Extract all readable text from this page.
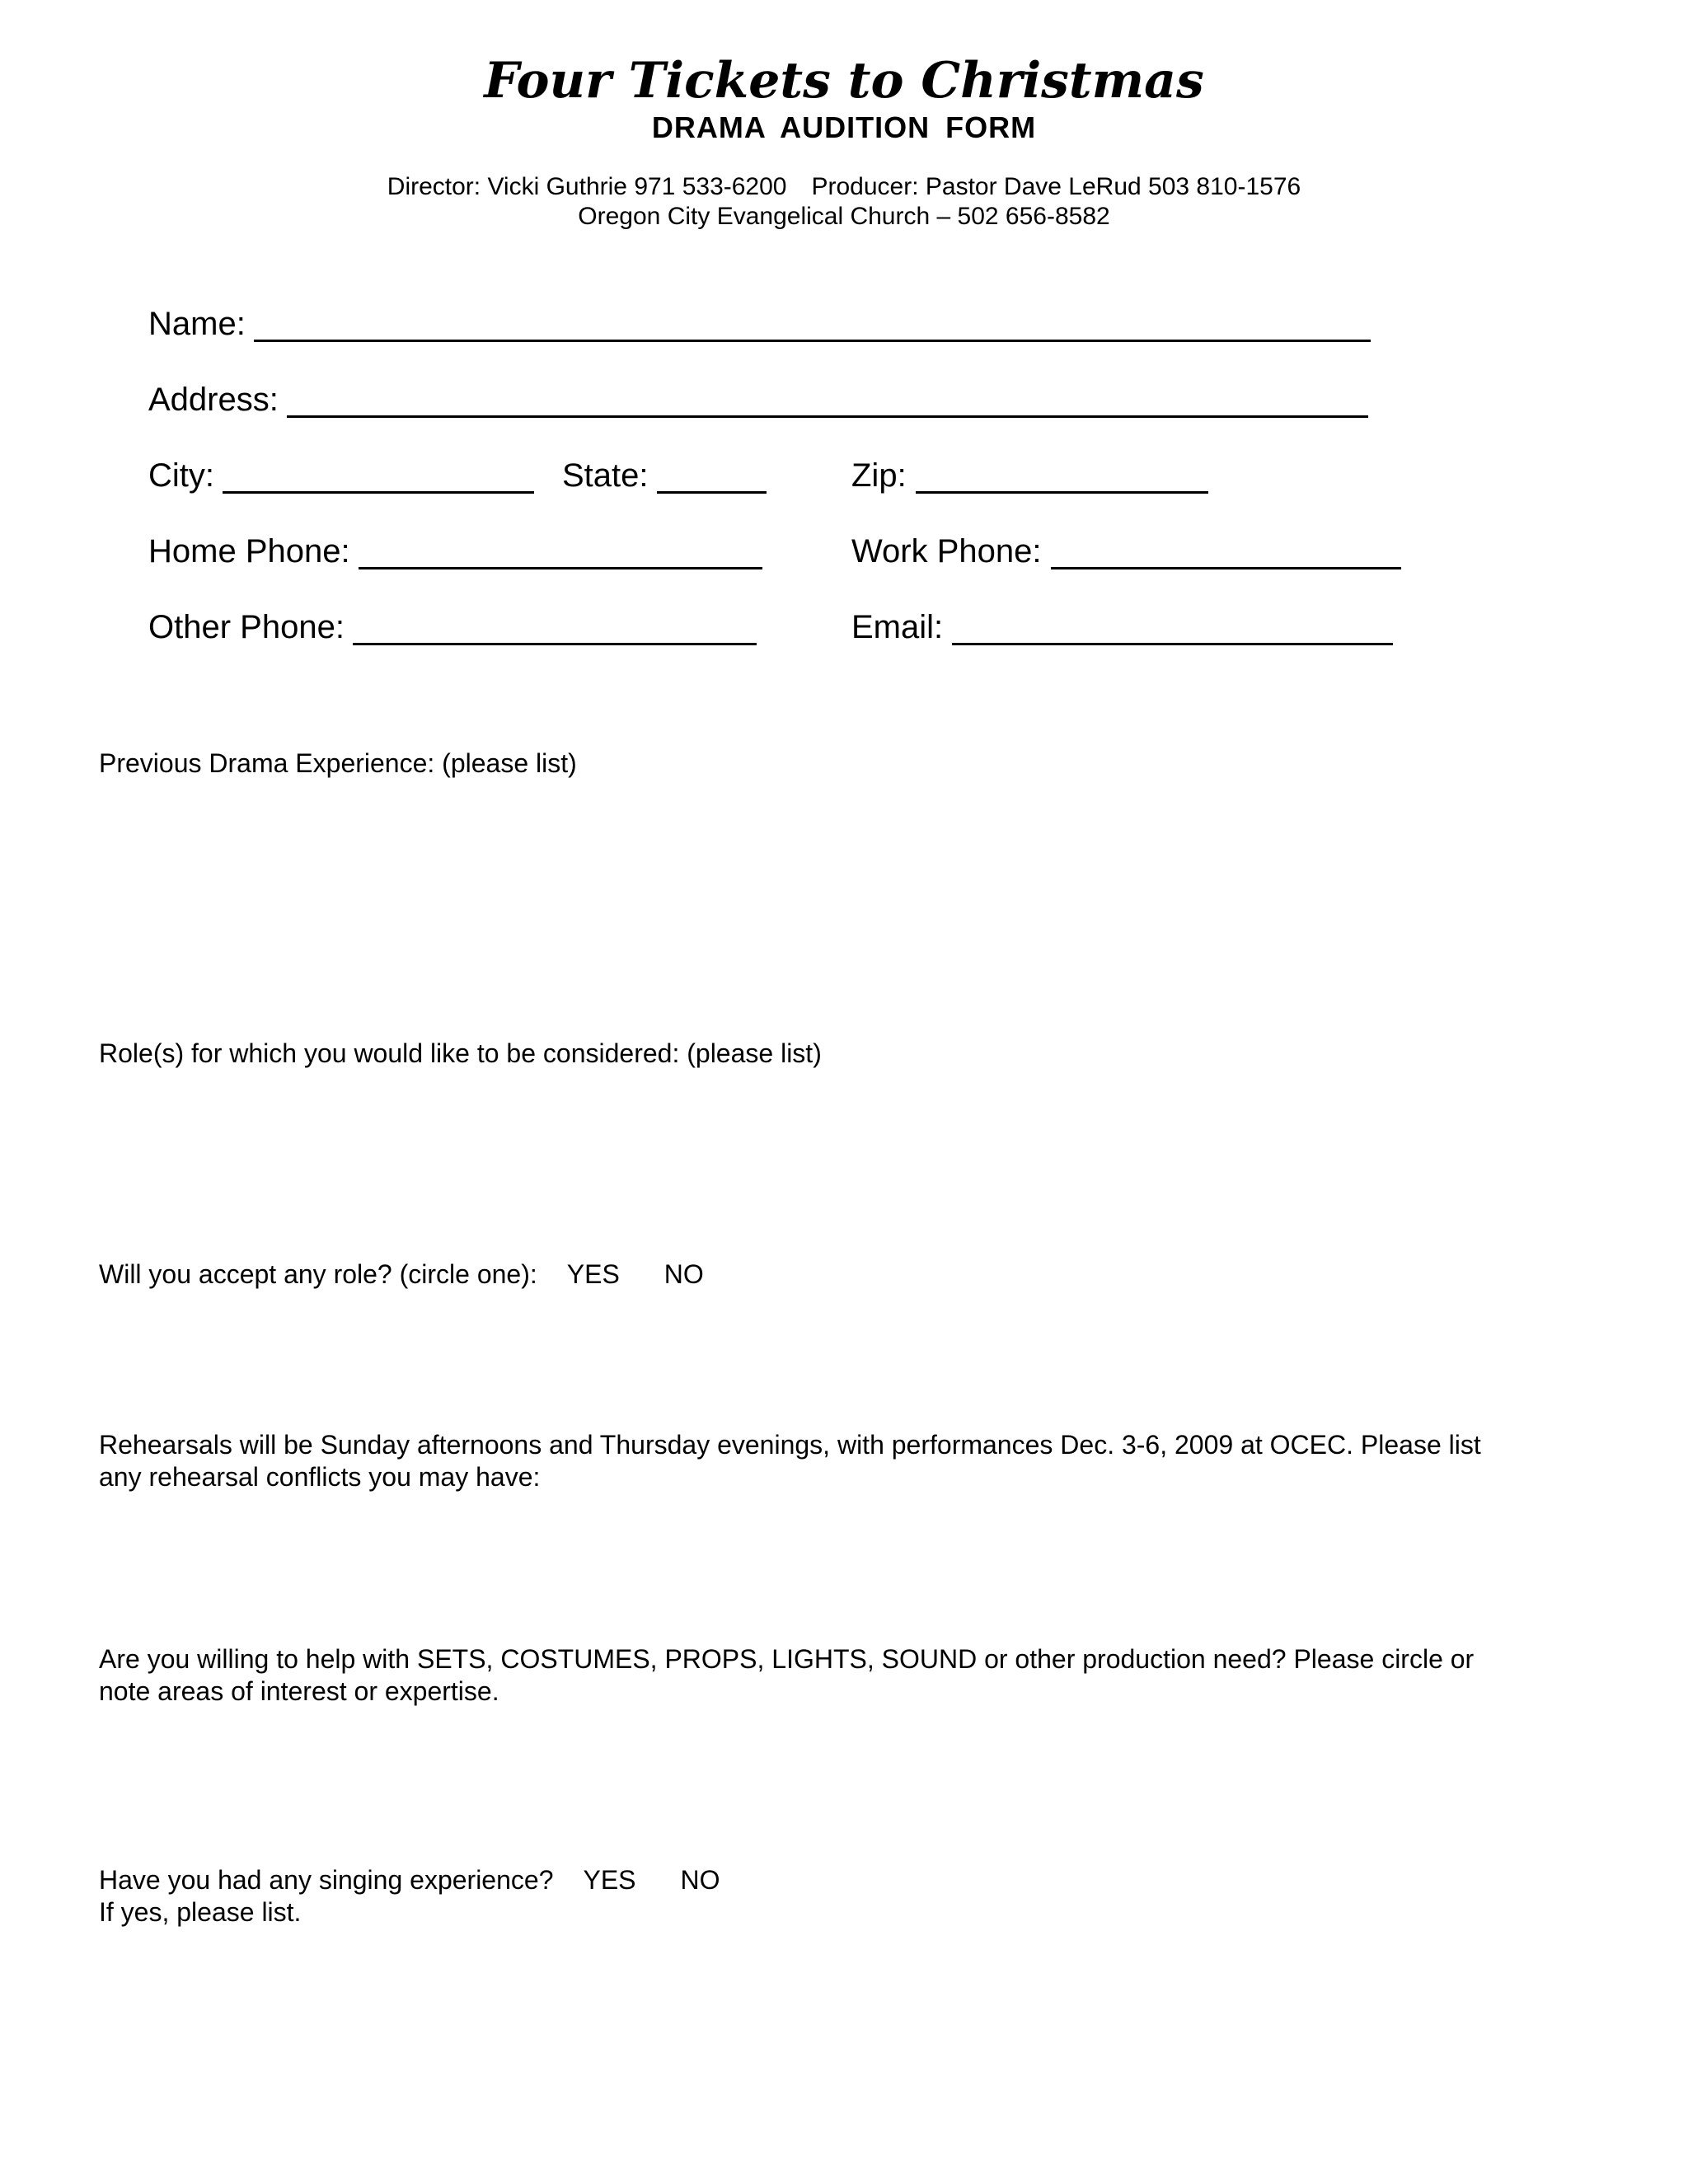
Four Tickets to Christmas
DRAMA AUDITION FORM
Director: Vicki Guthrie 971 533-6200 Producer: Pastor Dave LeRud 503 810-1576
Oregon City Evangelical Church – 502 656-8582
Name:
Address:
City:	State:	Zip:
Home Phone:	Work Phone:
Other Phone:	Email:
Previous Drama Experience: (please list)
Role(s) for which you would like to be considered: (please list)
Will you accept any role? (circle one): YES NO
Rehearsals will be Sunday afternoons and Thursday evenings, with performances Dec. 3-6, 2009 at OCEC. Please list
any rehearsal conflicts you may have:
Are you willing to help with SETS, COSTUMES, PROPS, LIGHTS, SOUND or other production need? Please circle or
note areas of interest or expertise.
Have you had any singing experience? YES NO
If yes, please list.
